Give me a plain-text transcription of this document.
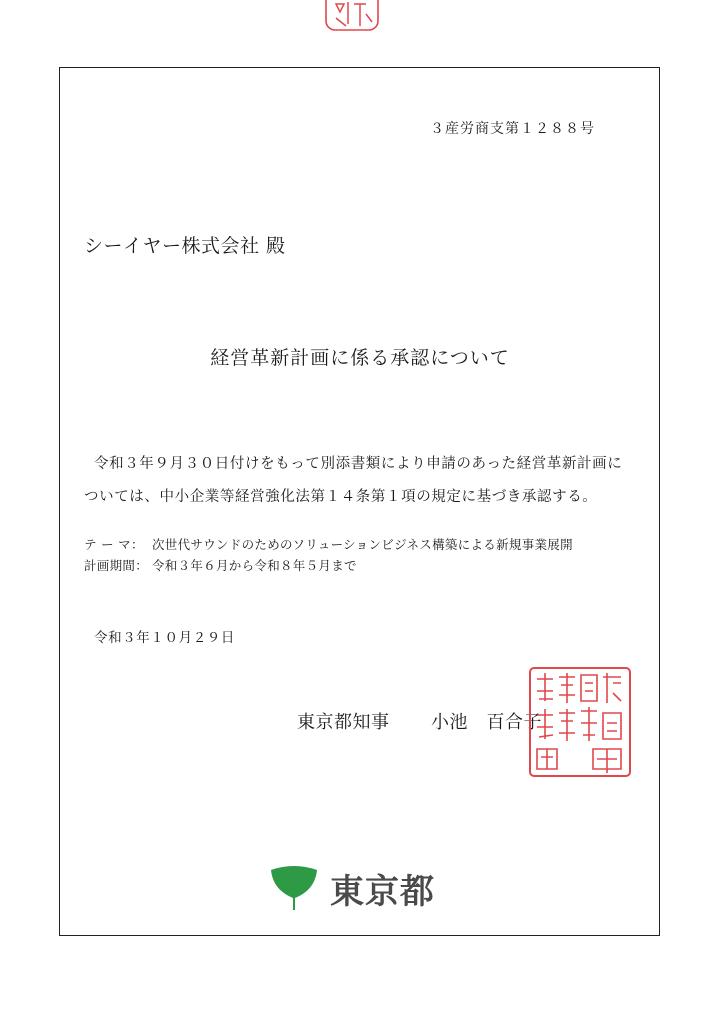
３産労商支第１２８８号
シーイヤー株式会社 殿
経営革新計画に係る承認について
令和３年９月３０日付けをもって別添書類により申請のあった経営革新計画に
ついては、中小企業等経営強化法第１４条第１項の規定に基づき承認する。
テ ー マ： 次世代サウンドのためのソリューションビジネス構築による新規事業展開
計画期間： 令和３年６月から令和８年５月まで
令和３年１０月２９日
東京都知事 小池　百合子
東京都
